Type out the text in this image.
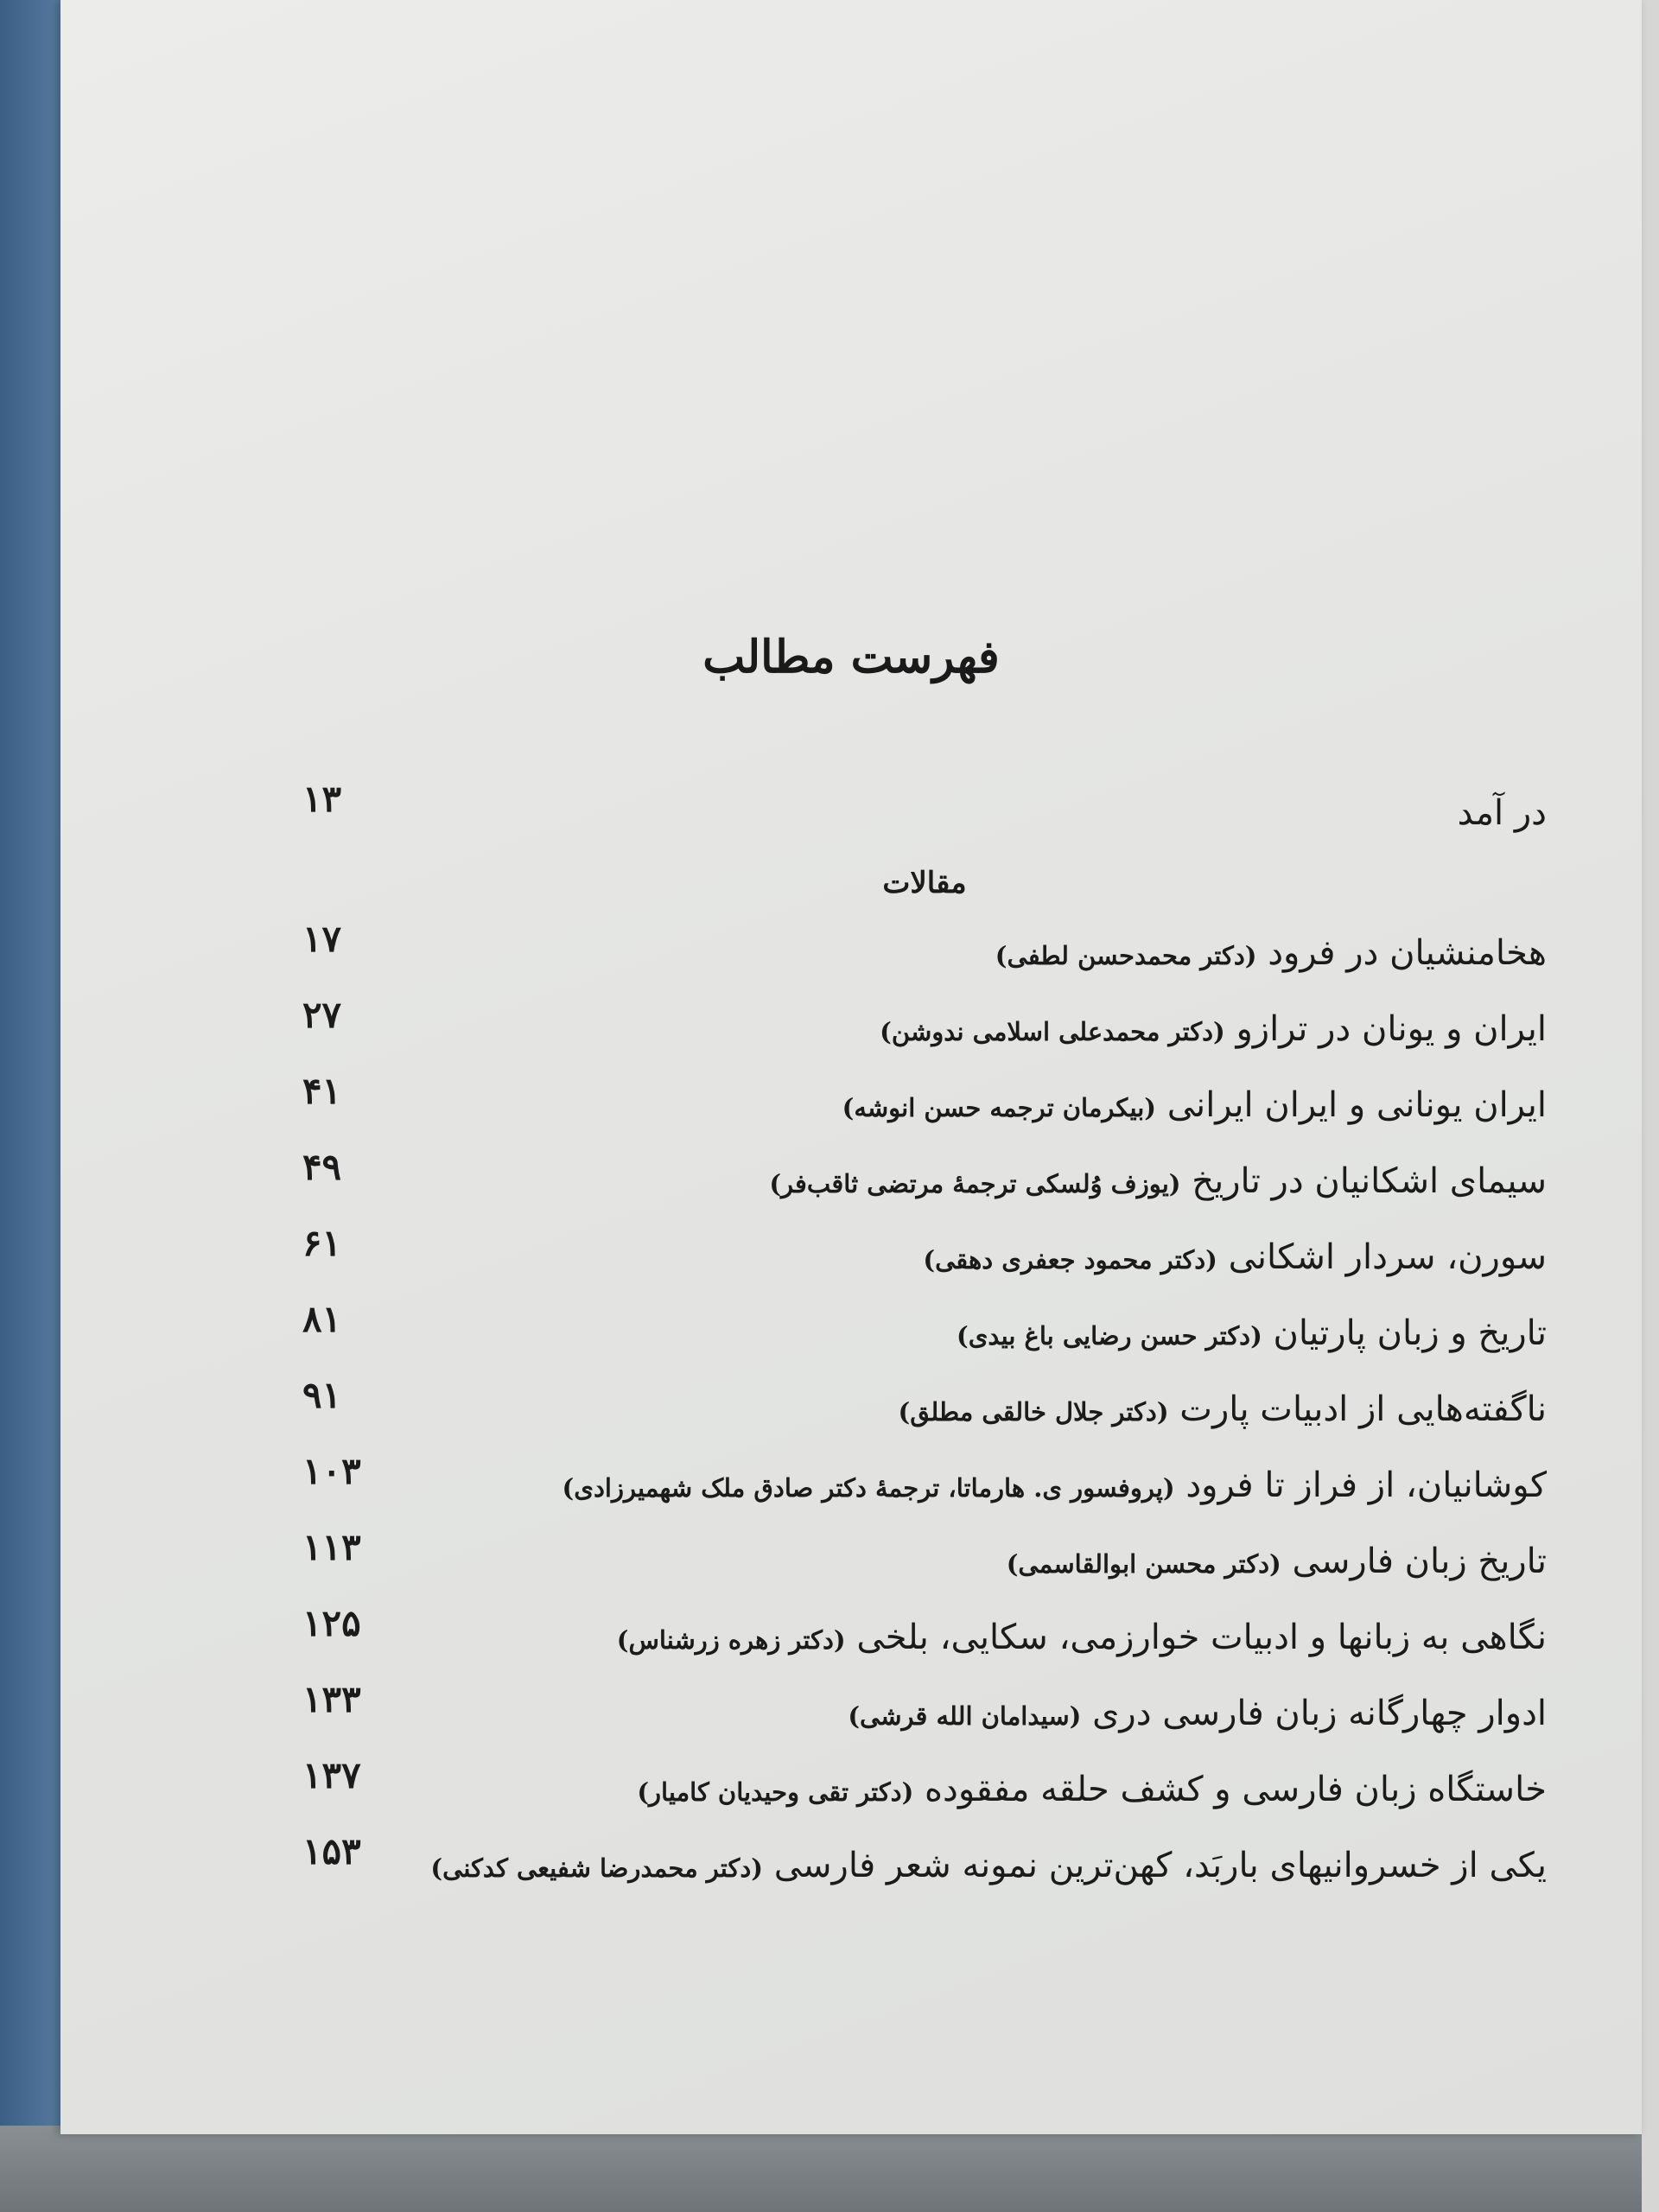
فهرست مطالب
در آمد
۱۳
مقالات
هخامنشیان در فرود (دکتر محمدحسن لطفی)
۱۷
ایران و یونان در ترازو (دکتر محمدعلی اسلامی ندوشن)
۲۷
ایران یونانی و ایران ایرانی (بیکرمان ترجمه حسن انوشه)
۴۱
سیمای اشکانیان در تاریخ (یوزف وُلسکی ترجمهٔ مرتضی ثاقب‌فر)
۴۹
سورن، سردار اشکانی (دکتر محمود جعفری دهقی)
۶۱
تاریخ و زبان پارتیان (دکتر حسن رضایی باغ بیدی)
۸۱
ناگفته‌هایی از ادبیات پارت (دکتر جلال خالقی مطلق)
۹۱
کوشانیان، از فراز تا فرود (پروفسور ی. هارماتا، ترجمهٔ دکتر صادق ملک شهمیرزادی)
۱۰۳
تاریخ زبان فارسی (دکتر محسن ابوالقاسمی)
۱۱۳
نگاهی به زبانها و ادبیات خوارزمی، سکایی، بلخی (دکتر زهره زرشناس)
۱۲۵
ادوار چهارگانه زبان فارسی دری (سیدامان الله قرشی)
۱۳۳
خاستگاه زبان فارسی و کشف حلقه مفقوده (دکتر تقی وحیدیان کامیار)
۱۳۷
یکی از خسروانیهای باربَد، کهن‌ترین نمونه شعر فارسی (دکتر محمدرضا شفیعی کدکنی)
۱۵۳
